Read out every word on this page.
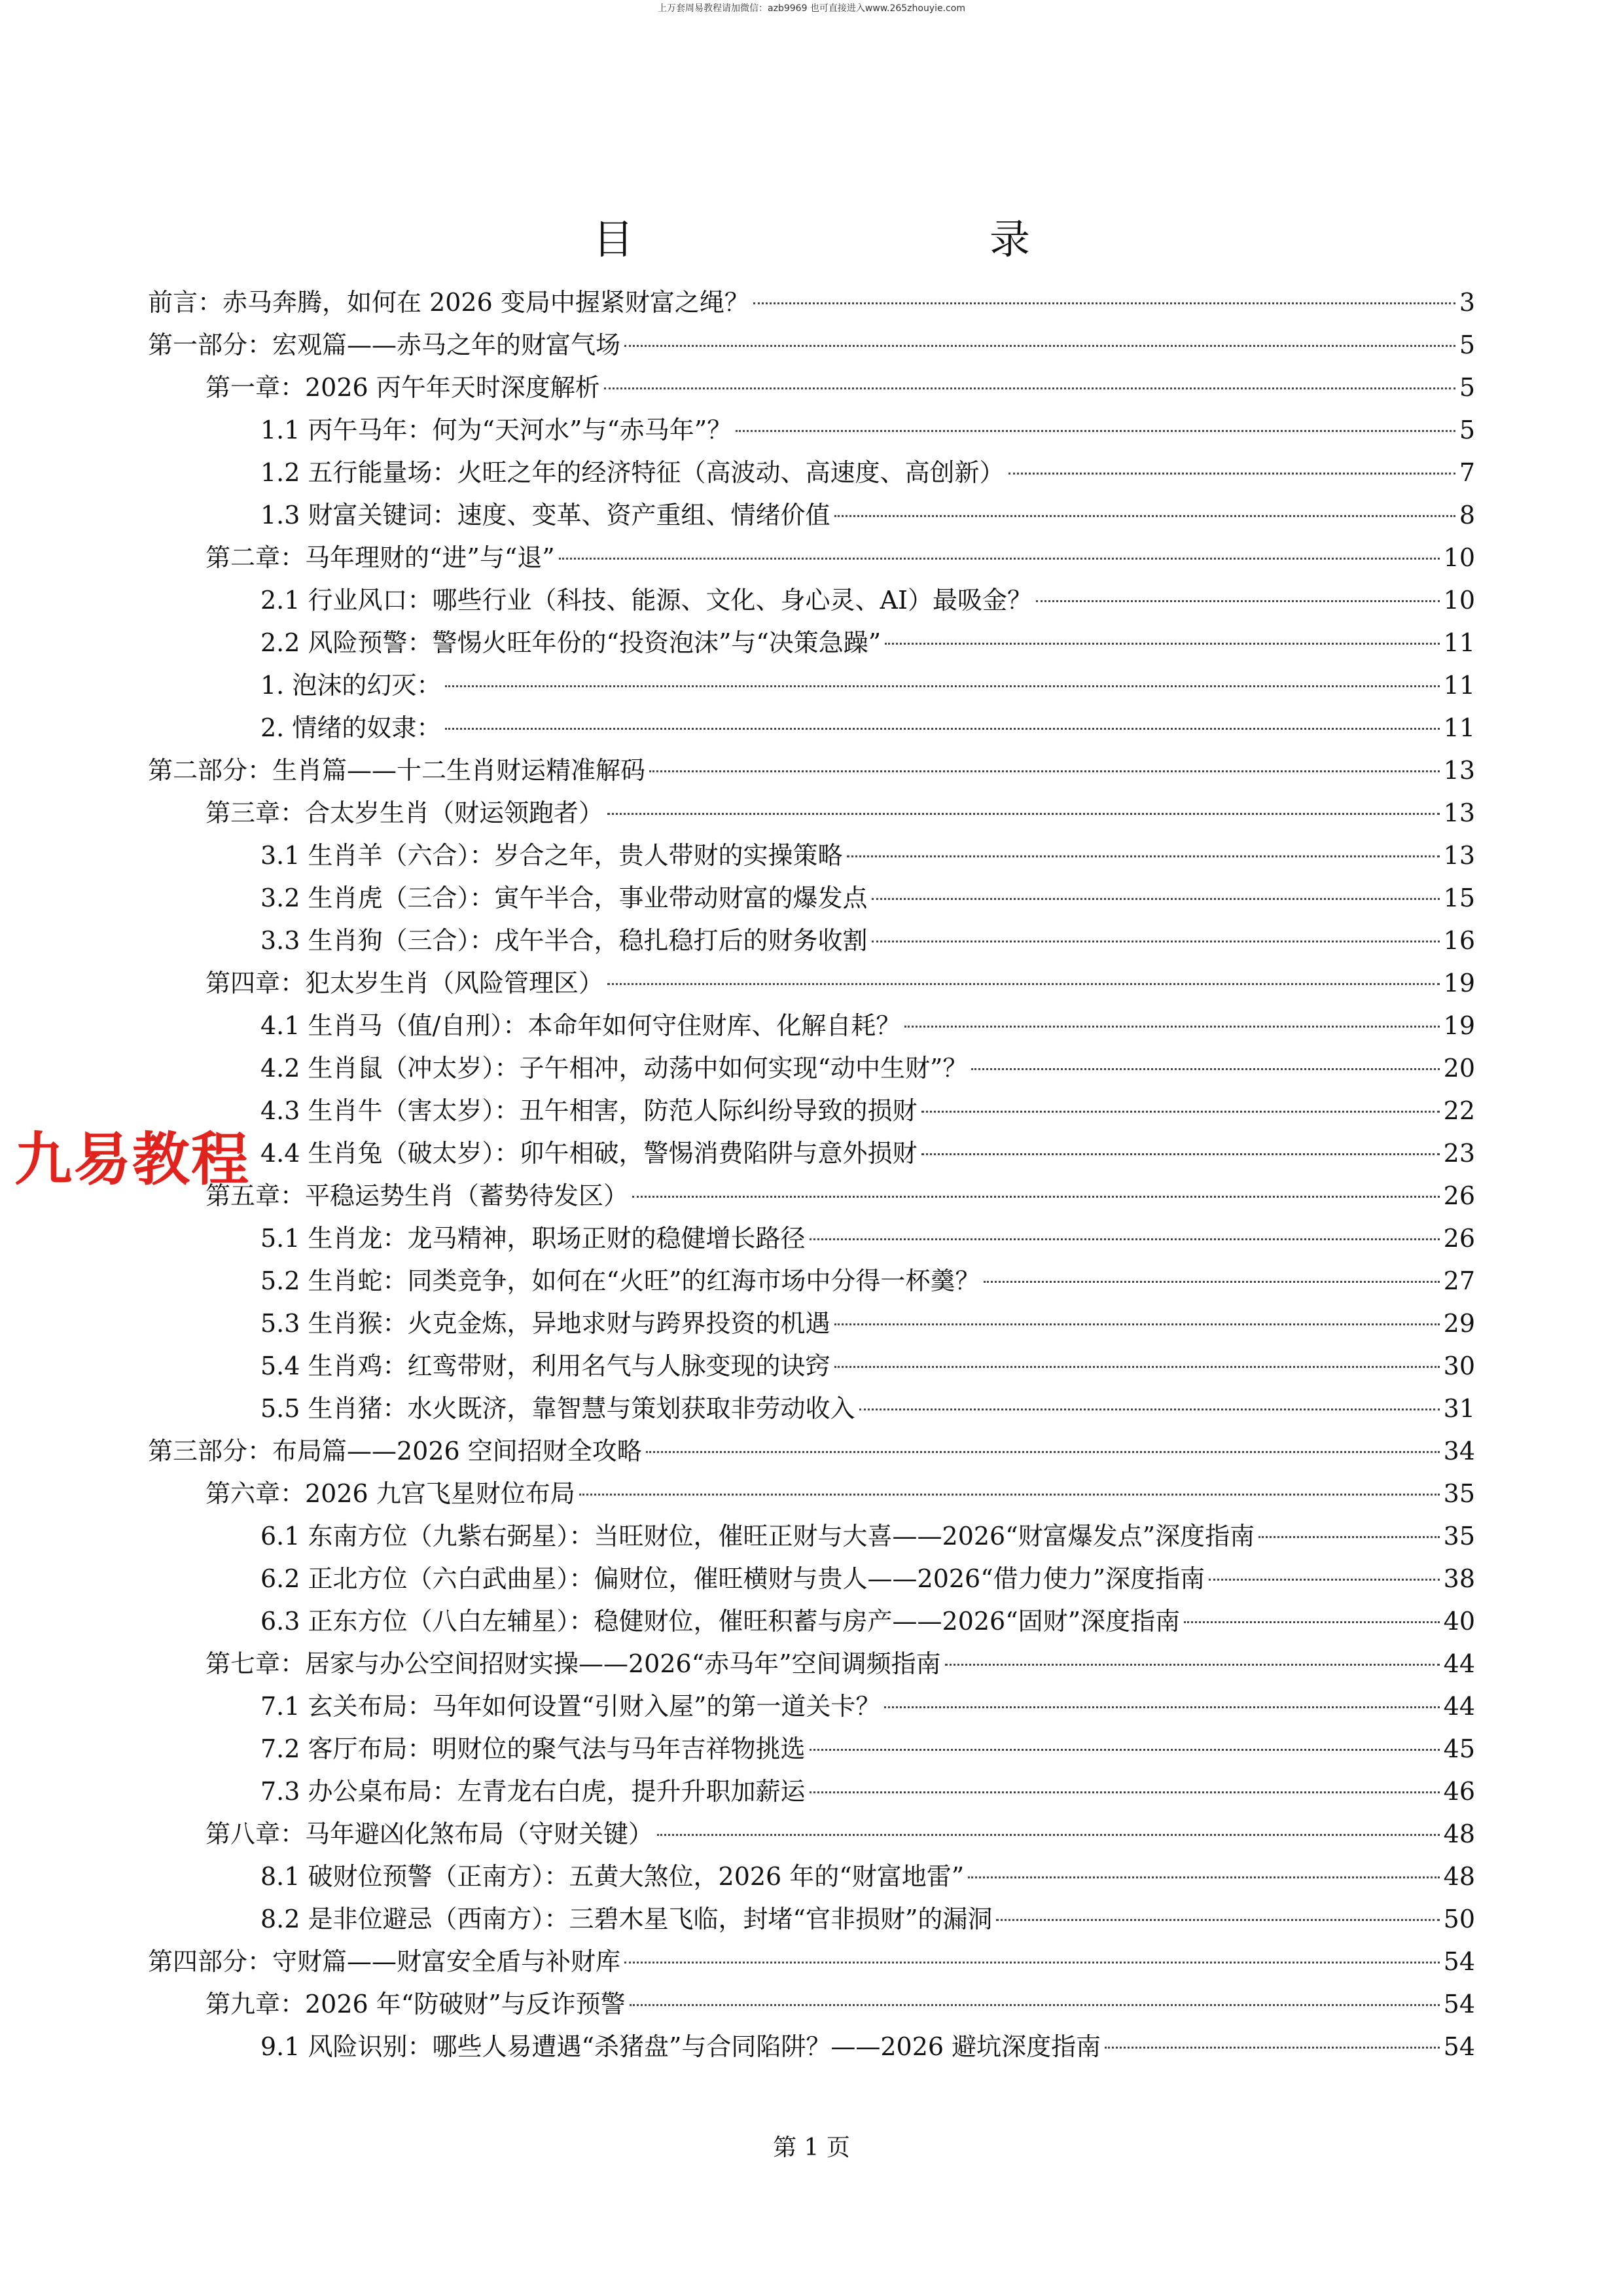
上万套周易教程请加微信：azb9969 也可直接进入www.265zhouyie.com
目　　录
前言：赤马奔腾，如何在 2026 变局中握紧财富之绳？	3
第一部分：宏观篇——赤马之年的财富气场	5
第一章：2026 丙午年天时深度解析	5
1.1 丙午马年：何为“天河水”与“赤马年”？	5
1.2 五行能量场：火旺之年的经济特征（高波动、高速度、高创新）	7
1.3 财富关键词：速度、变革、资产重组、情绪价值	8
第二章：马年理财的“进”与“退”	10
2.1 行业风口：哪些行业（科技、能源、文化、身心灵、AI）最吸金？	10
2.2 风险预警：警惕火旺年份的“投资泡沫”与“决策急躁”	11
1. 泡沫的幻灭：	11
2. 情绪的奴隶：	11
第二部分：生肖篇——十二生肖财运精准解码	13
第三章：合太岁生肖（财运领跑者）	13
3.1 生肖羊（六合）：岁合之年，贵人带财的实操策略	13
3.2 生肖虎（三合）：寅午半合，事业带动财富的爆发点	15
3.3 生肖狗（三合）：戌午半合，稳扎稳打后的财务收割	16
第四章：犯太岁生肖（风险管理区）	19
4.1 生肖马（值/自刑）：本命年如何守住财库、化解自耗？	19
4.2 生肖鼠（冲太岁）：子午相冲，动荡中如何实现“动中生财”？	20
4.3 生肖牛（害太岁）：丑午相害，防范人际纠纷导致的损财	22
4.4 生肖兔（破太岁）：卯午相破，警惕消费陷阱与意外损财	23
第五章：平稳运势生肖（蓄势待发区）	26
5.1 生肖龙：龙马精神，职场正财的稳健增长路径	26
5.2 生肖蛇：同类竞争，如何在“火旺”的红海市场中分得一杯羹？	27
5.3 生肖猴：火克金炼，异地求财与跨界投资的机遇	29
5.4 生肖鸡：红鸾带财，利用名气与人脉变现的诀窍	30
5.5 生肖猪：水火既济，靠智慧与策划获取非劳动收入	31
第三部分：布局篇——2026 空间招财全攻略	34
第六章：2026 九宫飞星财位布局	35
6.1 东南方位（九紫右弼星）：当旺财位，催旺正财与大喜——2026“财富爆发点”深度指南	35
6.2 正北方位（六白武曲星）：偏财位，催旺横财与贵人——2026“借力使力”深度指南	38
6.3 正东方位（八白左辅星）：稳健财位，催旺积蓄与房产——2026“固财”深度指南	40
第七章：居家与办公空间招财实操——2026“赤马年”空间调频指南	44
7.1 玄关布局：马年如何设置“引财入屋”的第一道关卡？	44
7.2 客厅布局：明财位的聚气法与马年吉祥物挑选	45
7.3 办公桌布局：左青龙右白虎，提升升职加薪运	46
第八章：马年避凶化煞布局（守财关键）	48
8.1 破财位预警（正南方）：五黄大煞位，2026 年的“财富地雷”	48
8.2 是非位避忌（西南方）：三碧木星飞临，封堵“官非损财”的漏洞	50
第四部分：守财篇——财富安全盾与补财库	54
第九章：2026 年“防破财”与反诈预警	54
9.1 风险识别：哪些人易遭遇“杀猪盘”与合同陷阱？——2026 避坑深度指南	54
九易教程
第 1 页
